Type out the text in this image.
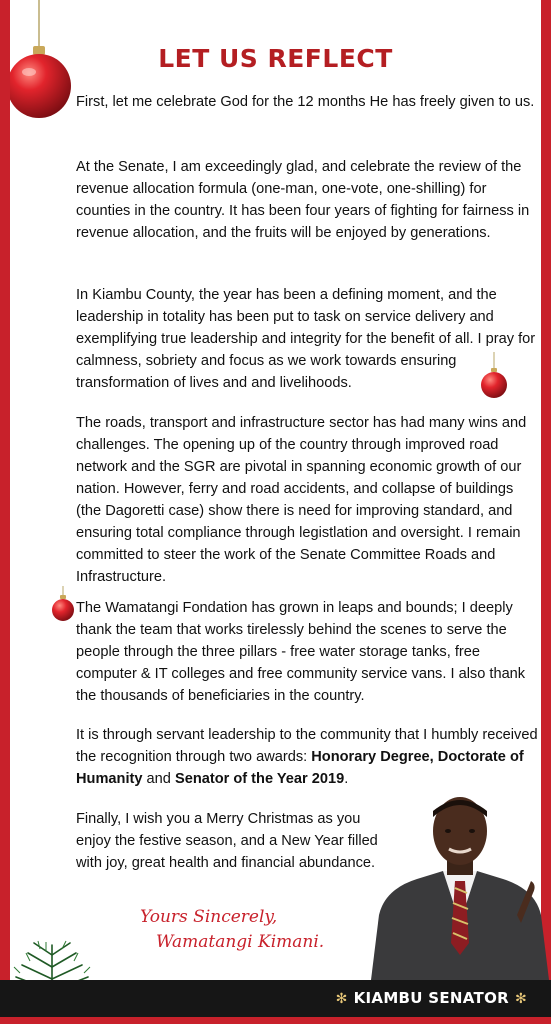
LET US REFLECT
First, let me celebrate God for the 12 months He has freely given to us.
At the Senate, I am exceedingly glad, and celebrate the review of the revenue allocation formula (one-man, one-vote, one-shilling) for counties in the country. It has been four years of fighting for fairness in revenue allocation, and the fruits will be enjoyed by generations.
In Kiambu County, the year has been a defining moment, and the leadership in totality has been put to task on service delivery and exemplifying true leadership and integrity for the benefit of all. I pray for calmness, sobriety and focus as we work towards ensuring transformation of lives and and livelihoods.
The roads, transport and infrastructure sector has had many wins and challenges. The opening up of the country through improved road network and the SGR are pivotal in spanning economic growth of our nation. However, ferry and road accidents, and collapse of buildings (the Dagoretti case) show there is need for improving standard, and ensuring total compliance through legistlation and oversight. I remain committed to steer the work of the Senate Committee Roads and Infrastructure.
The Wamatangi Fondation has grown in leaps and bounds; I deeply thank the team that works tirelessly behind the scenes to serve the people through the three pillars - free water storage tanks, free computer & IT colleges and free community service vans. I also thank the thousands of beneficiaries in the country.
It is through servant leadership to the community that I humbly received the recognition through two awards: Honorary Degree, Doctorate of Humanity and Senator of the Year 2019.
Finally, I wish you a Merry Christmas as you enjoy the festive season, and a New Year filled with joy, great health and financial abundance.
Yours Sincerely,
Wamatangi Kimani.
✻ KIAMBU SENATOR ✻
